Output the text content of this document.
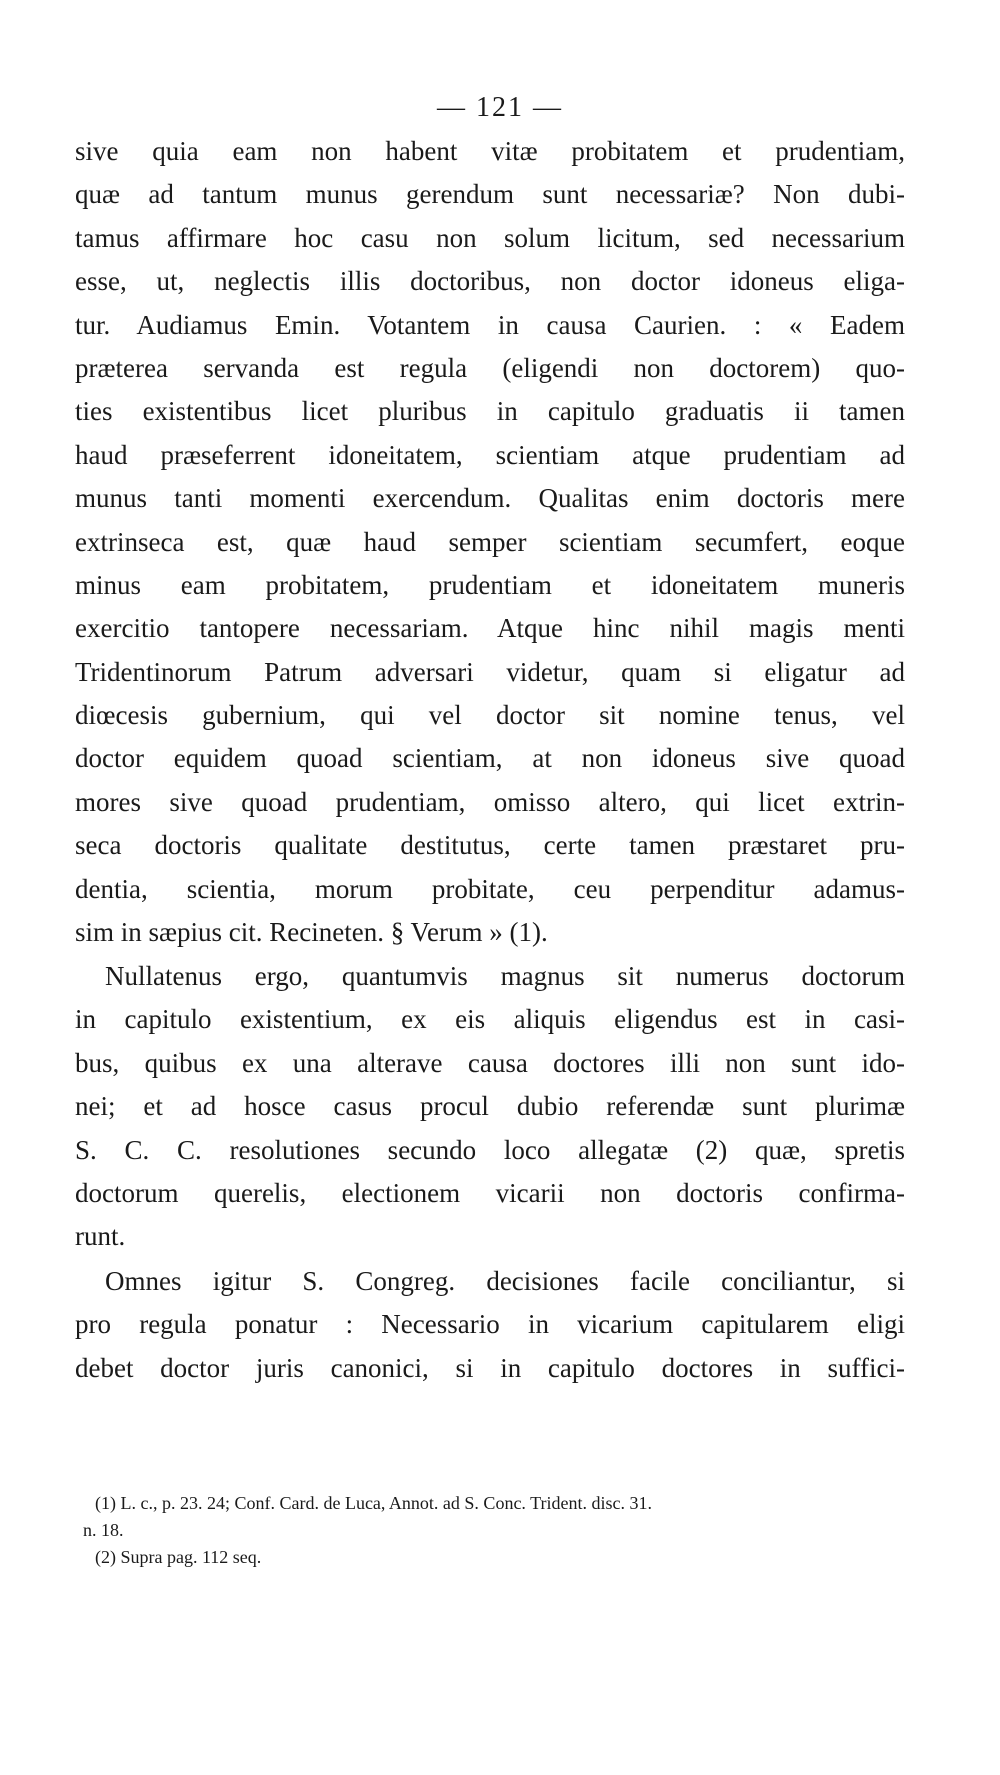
— 121 —
sive quia eam non habent vitæ probitatem et prudentiam,
quæ ad tantum munus gerendum sunt necessariæ? Non dubi-
tamus affirmare hoc casu non solum licitum, sed necessarium
esse, ut, neglectis illis doctoribus, non doctor idoneus eliga-
tur. Audiamus Emin. Votantem in causa Caurien. : « Eadem
præterea servanda est regula (eligendi non doctorem) quo-
ties existentibus licet pluribus in capitulo graduatis ii tamen
haud præseferrent idoneitatem, scientiam atque prudentiam ad
munus tanti momenti exercendum. Qualitas enim doctoris mere
extrinseca est, quæ haud semper scientiam secumfert, eoque
minus eam probitatem, prudentiam et idoneitatem muneris
exercitio tantopere necessariam. Atque hinc nihil magis menti
Tridentinorum Patrum adversari videtur, quam si eligatur ad
diœcesis gubernium, qui vel doctor sit nomine tenus, vel
doctor equidem quoad scientiam, at non idoneus sive quoad
mores sive quoad prudentiam, omisso altero, qui licet extrin-
seca doctoris qualitate destitutus, certe tamen præstaret pru-
dentia, scientia, morum probitate, ceu perpenditur adamus-
sim in sæpius cit. Recineten. § Verum » (1).
Nullatenus ergo, quantumvis magnus sit numerus doctorum
in capitulo existentium, ex eis aliquis eligendus est in casi-
bus, quibus ex una alterave causa doctores illi non sunt ido-
nei; et ad hosce casus procul dubio referendæ sunt plurimæ
S. C. C. resolutiones secundo loco allegatæ (2) quæ, spretis
doctorum querelis, electionem vicarii non doctoris confirma-
runt.
Omnes igitur S. Congreg. decisiones facile conciliantur, si
pro regula ponatur : Necessario in vicarium capitularem eligi
debet doctor juris canonici, si in capitulo doctores in suffici-
(1) L. c., p. 23. 24; Conf. Card. de Luca, Annot. ad S. Conc. Trident. disc. 31.
n. 18.
(2) Supra pag. 112 seq.
